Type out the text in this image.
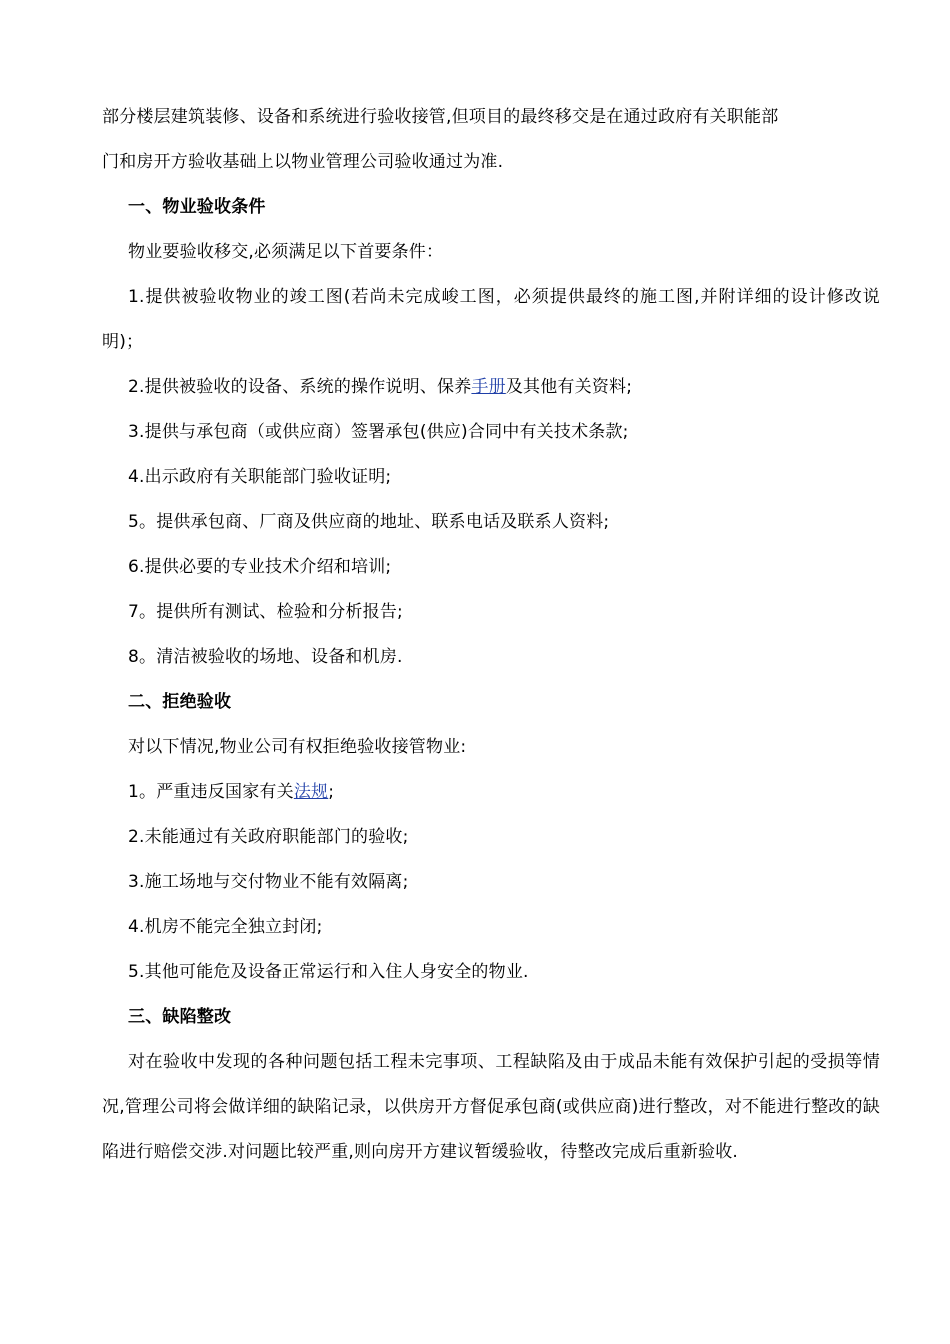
部分楼层建筑装修、设备和系统进行验收接管,但项目的最终移交是在通过政府有关职能部

门和房开方验收基础上以物业管理公司验收通过为准.

一、物业验收条件

物业要验收移交,必须满足以下首要条件：

1.提供被验收物业的竣工图(若尚未完成峻工图，必须提供最终的施工图,并附详细的设计修改说明)；

2.提供被验收的设备、系统的操作说明、保养手册及其他有关资料;

3.提供与承包商（或供应商）签署承包(供应)合同中有关技术条款;

4.出示政府有关职能部门验收证明;

5。提供承包商、厂商及供应商的地址、联系电话及联系人资料;

6.提供必要的专业技术介绍和培训;

7。提供所有测试、检验和分析报告;

8。清洁被验收的场地、设备和机房.

二、拒绝验收

对以下情况,物业公司有权拒绝验收接管物业:

1。严重违反国家有关法规;

2.未能通过有关政府职能部门的验收;

3.施工场地与交付物业不能有效隔离;

4.机房不能完全独立封闭;

5.其他可能危及设备正常运行和入住人身安全的物业.

三、缺陷整改

对在验收中发现的各种问题包括工程未完事项、工程缺陷及由于成品未能有效保护引起的受损等情况,管理公司将会做详细的缺陷记录，以供房开方督促承包商(或供应商)进行整改，对不能进行整改的缺陷进行赔偿交涉.对问题比较严重,则向房开方建议暂缓验收，待整改完成后重新验收.
